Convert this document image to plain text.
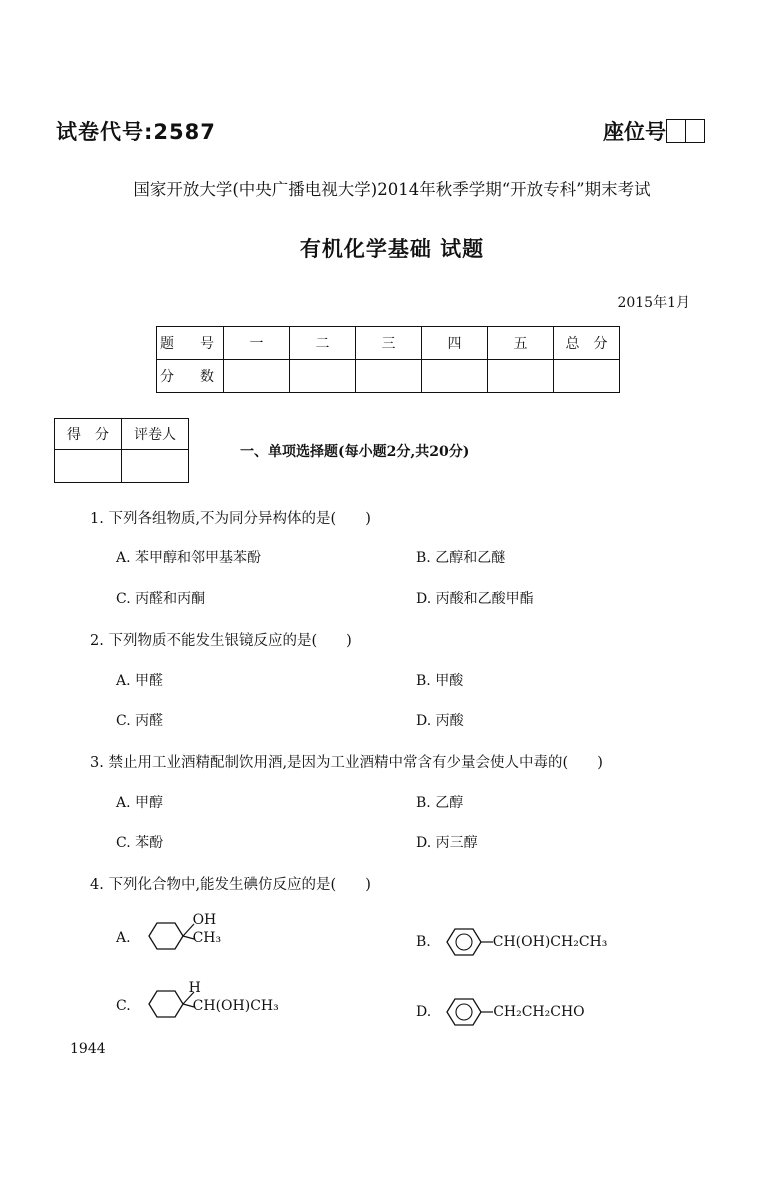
试卷代号:2587	座位号
国家开放大学(中央广播电视大学)2014年秋季学期“开放专科”期末考试
有机化学基础 试题
2015年1月
题　号	一	二	三	四	五	总　分
分　数						
得　分	评卷人

一、单项选择题(每小题2分,共20分)
1. 下列各组物质,不为同分异构体的是(　　)
A. 苯甲醇和邻甲基苯酚	B. 乙醇和乙醚
C. 丙醛和丙酮	D. 丙酸和乙酸甲酯
2. 下列物质不能发生银镜反应的是(　　)
A. 甲醛	B. 甲酸
C. 丙醛	D. 丙酸
3. 禁止用工业酒精配制饮用酒,是因为工业酒精中常含有少量会使人中毒的(　　)
A. 甲醇	B. 乙醇
C. 苯酚	D. 丙三醇
4. 下列化合物中,能发生碘仿反应的是(　　)
A.
OH
CH₃	B.	CH(OH)CH₂CH₃
C.
H
CH(OH)CH₃	D.	CH₂CH₂CHO
1944
